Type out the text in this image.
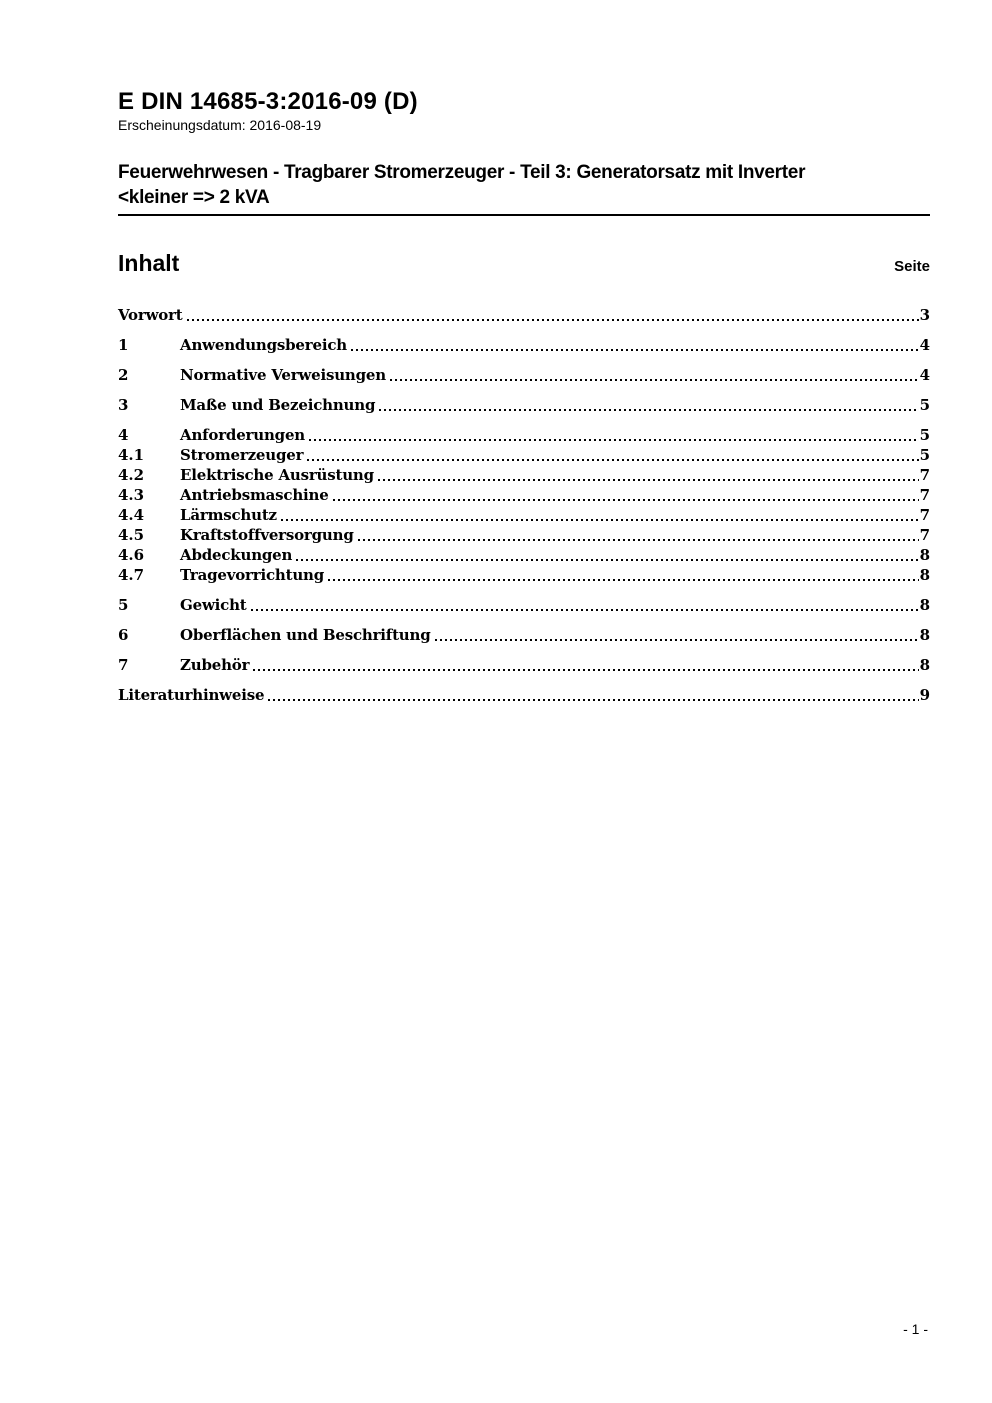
E DIN 14685-3:2016-09 (D)
Erscheinungsdatum: 2016-08-19
Feuerwehrwesen - Tragbarer Stromerzeuger - Teil 3: Generatorsatz mit Inverter
<kleiner => 2 kVA
Inhalt	Seite
Vorwort	3
1	Anwendungsbereich	4
2	Normative Verweisungen	4
3	Maße und Bezeichnung	5
4	Anforderungen	5
4.1	Stromerzeuger	5
4.2	Elektrische Ausrüstung	7
4.3	Antriebsmaschine	7
4.4	Lärmschutz	7
4.5	Kraftstoffversorgung	7
4.6	Abdeckungen	8
4.7	Tragevorrichtung	8
5	Gewicht	8
6	Oberflächen und Beschriftung	8
7	Zubehör	8
Literaturhinweise	9
- 1 -
